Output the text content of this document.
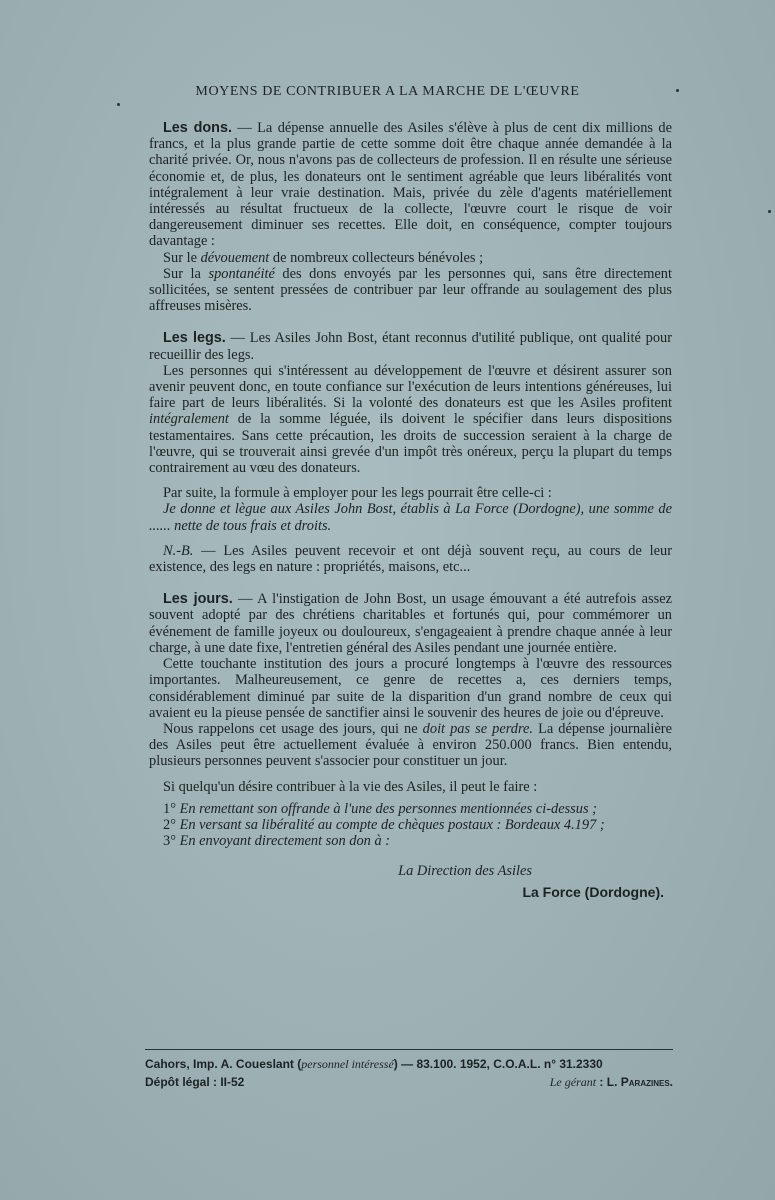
MOYENS DE CONTRIBUER A LA MARCHE DE L'ŒUVRE

Les dons. — La dépense annuelle des Asiles s'élève à plus de cent dix millions de francs, et la plus grande partie de cette somme doit être chaque année demandée à la charité privée. Or, nous n'avons pas de collecteurs de profession. Il en résulte une sérieuse économie et, de plus, les donateurs ont le sentiment agréable que leurs libéralités vont intégralement à leur vraie destination. Mais, privée du zèle d'agents matériellement intéressés au résultat fructueux de la collecte, l'œuvre court le risque de voir dangereusement diminuer ses recettes. Elle doit, en conséquence, compter toujours davantage :

Sur le dévouement de nombreux collecteurs bénévoles ;

Sur la spontanéité des dons envoyés par les personnes qui, sans être directement sollicitées, se sentent pressées de contribuer par leur offrande au soulagement des plus affreuses misères.

Les legs. — Les Asiles John Bost, étant reconnus d'utilité publique, ont qualité pour recueillir des legs.

Les personnes qui s'intéressent au développement de l'œuvre et désirent assurer son avenir peuvent donc, en toute confiance sur l'exécution de leurs intentions généreuses, lui faire part de leurs libéralités. Si la volonté des donateurs est que les Asiles profitent intégralement de la somme léguée, ils doivent le spécifier dans leurs dispositions testamentaires. Sans cette précaution, les droits de succession seraient à la charge de l'œuvre, qui se trouverait ainsi grevée d'un impôt très onéreux, perçu la plupart du temps contrairement au vœu des donateurs.

Par suite, la formule à employer pour les legs pourrait être celle-ci :

Je donne et lègue aux Asiles John Bost, établis à La Force (Dordogne), une somme de ...... nette de tous frais et droits.

N.-B. — Les Asiles peuvent recevoir et ont déjà souvent reçu, au cours de leur existence, des legs en nature : propriétés, maisons, etc...

Les jours. — A l'instigation de John Bost, un usage émouvant a été autrefois assez souvent adopté par des chrétiens charitables et fortunés qui, pour commémorer un événement de famille joyeux ou douloureux, s'engageaient à prendre chaque année à leur charge, à une date fixe, l'entretien général des Asiles pendant une journée entière.

Cette touchante institution des jours a procuré longtemps à l'œuvre des ressources importantes. Malheureusement, ce genre de recettes a, ces derniers temps, considérablement diminué par suite de la disparition d'un grand nombre de ceux qui avaient eu la pieuse pensée de sanctifier ainsi le souvenir des heures de joie ou d'épreuve.

Nous rappelons cet usage des jours, qui ne doit pas se perdre. La dépense journalière des Asiles peut être actuellement évaluée à environ 250.000 francs. Bien entendu, plusieurs personnes peuvent s'associer pour constituer un jour.

Si quelqu'un désire contribuer à la vie des Asiles, il peut le faire :

1° En remettant son offrande à l'une des personnes mentionnées ci-dessus ;

2° En versant sa libéralité au compte de chèques postaux : Bordeaux 4.197 ;

3° En envoyant directement son don à :

La Direction des Asiles

La Force (Dordogne).

Cahors, Imp. A. Coueslant (personnel intéressé) — 83.100. 1952, C.O.A.L. n° 31.2330
Dépôt légal : II-52	Le gérant : L. Parazines.
